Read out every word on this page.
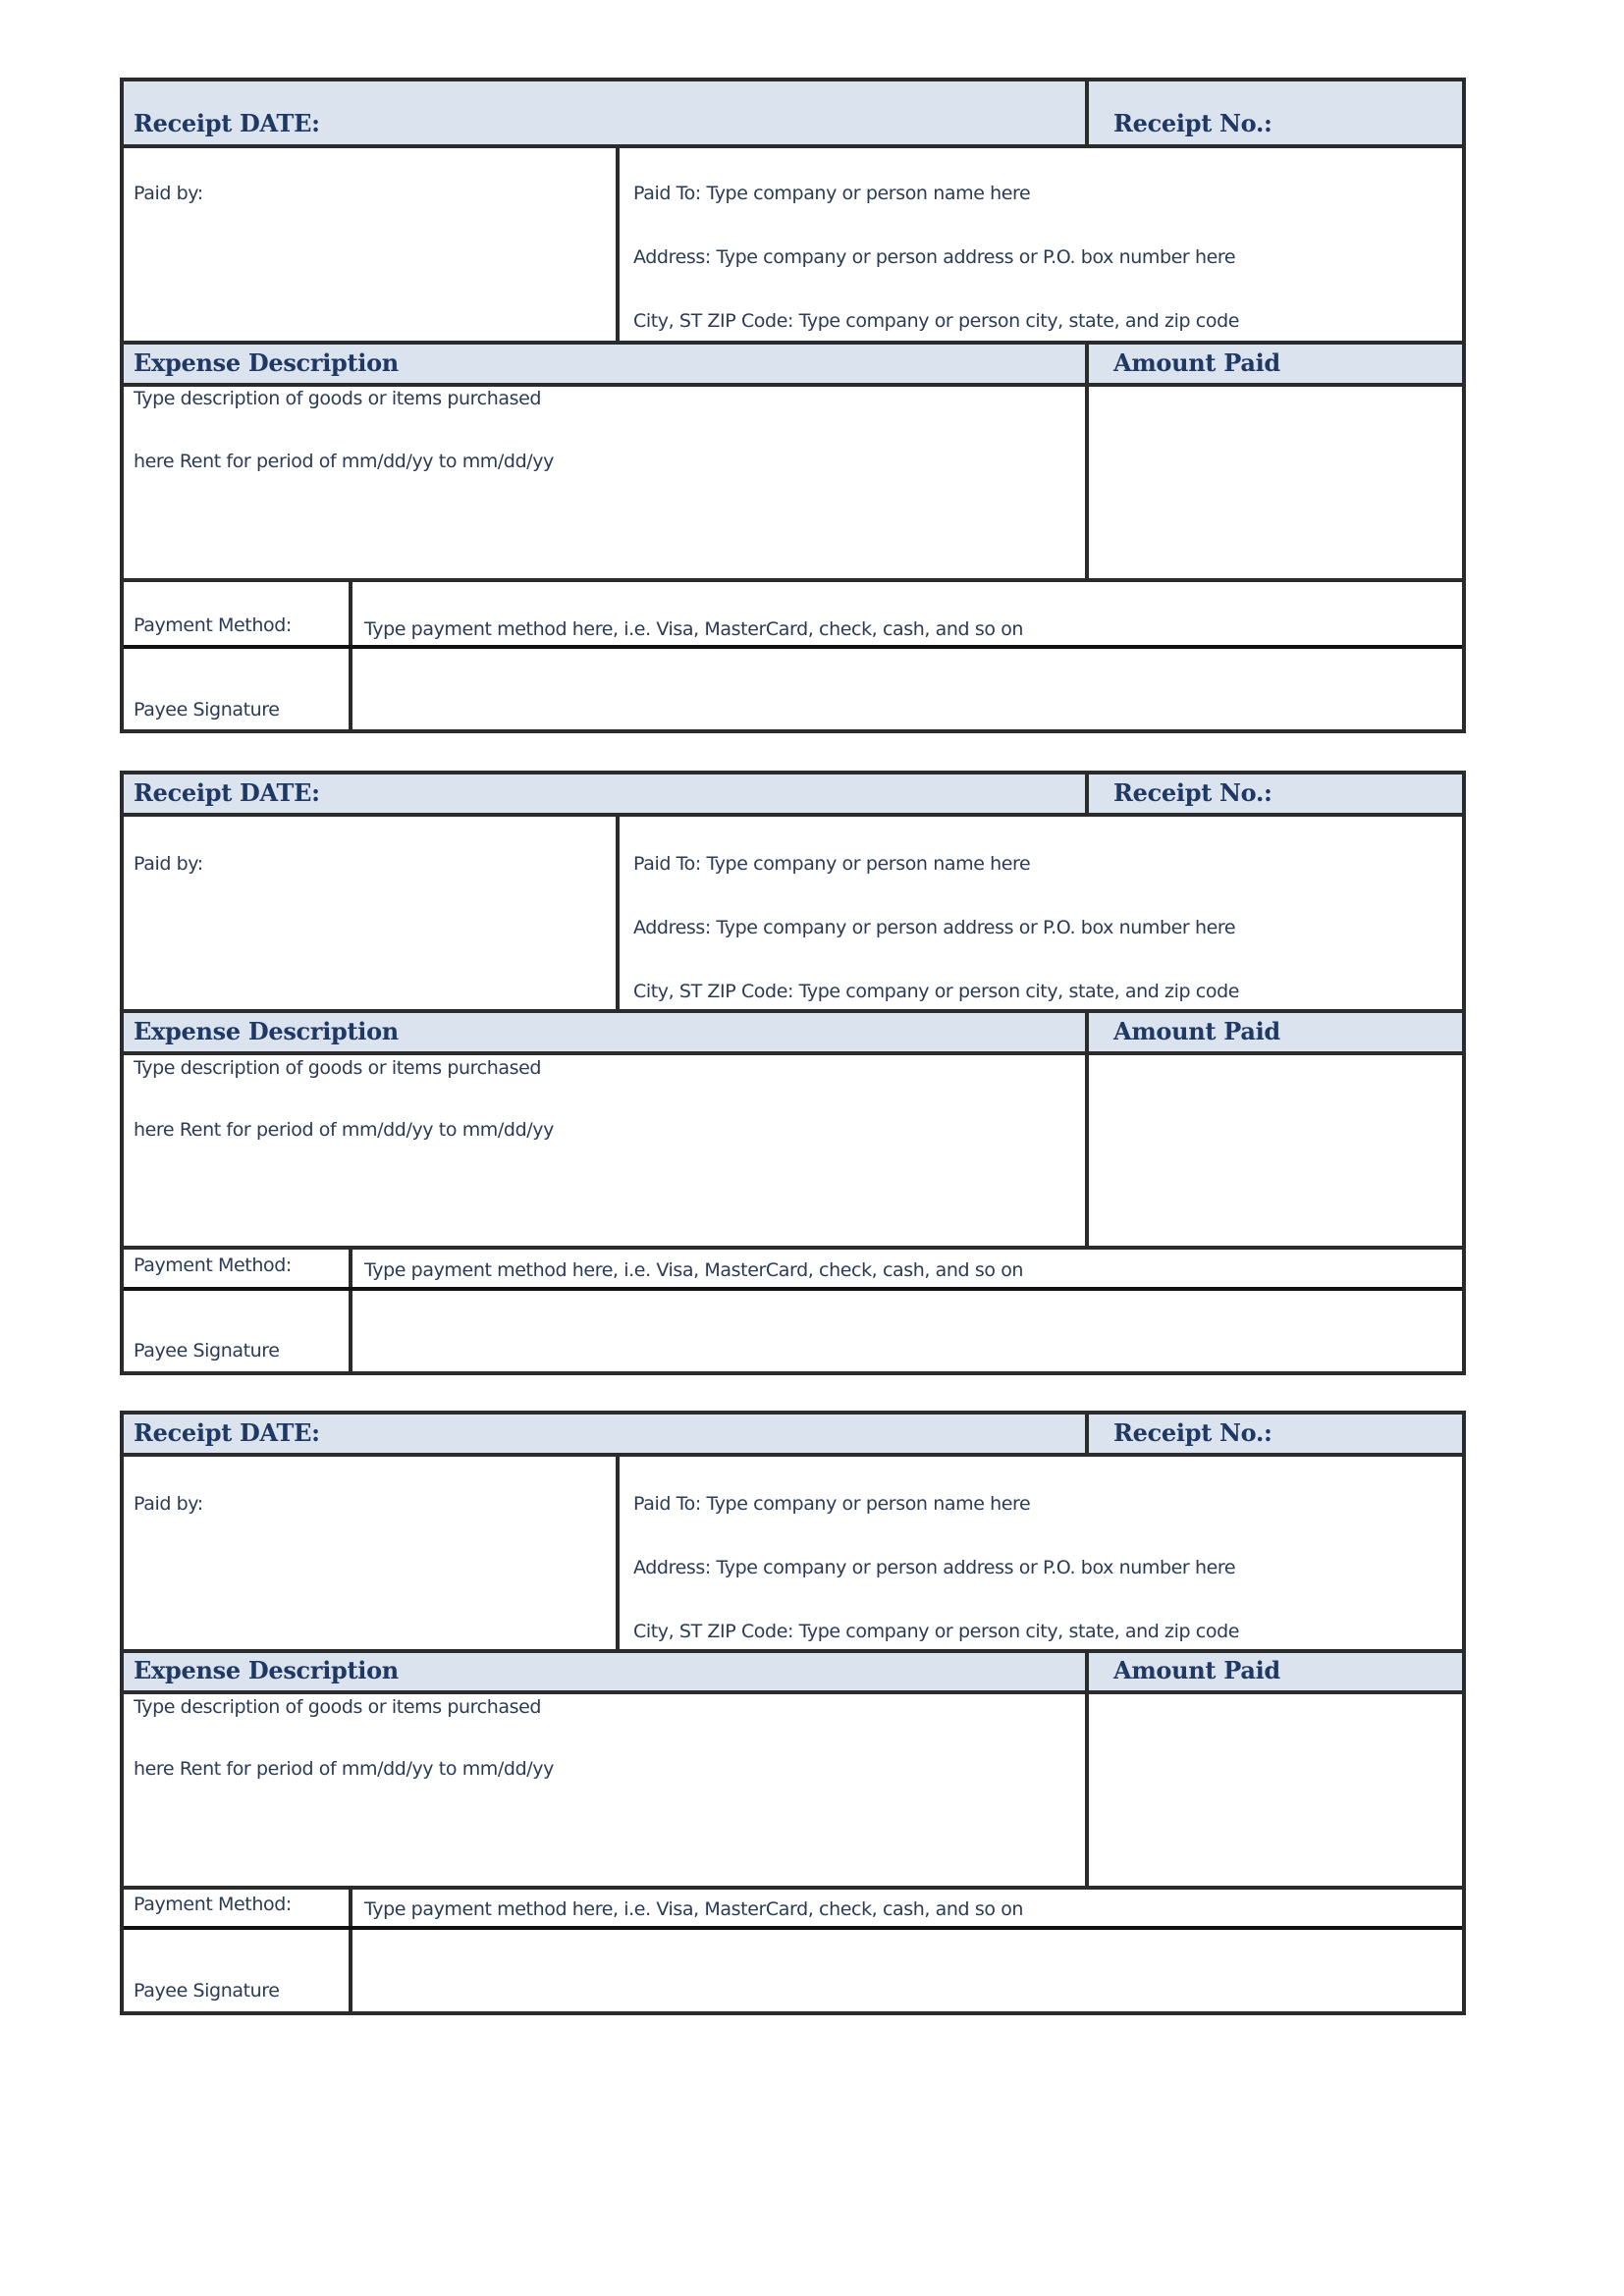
Receipt DATE:	Receipt No.:
Paid by:	Paid To: Type company or person name here
Address: Type company or person address or P.O. box number here
City, ST ZIP Code: Type company or person city, state, and zip code
Expense Description	Amount Paid
Type description of goods or items purchased
here Rent for period of mm/dd/yy to mm/dd/yy
Payment Method:	Type payment method here, i.e. Visa, MasterCard, check, cash, and so on
Payee Signature
Receipt DATE:	Receipt No.:
Paid by:	Paid To: Type company or person name here
Address: Type company or person address or P.O. box number here
City, ST ZIP Code: Type company or person city, state, and zip code
Expense Description	Amount Paid
Type description of goods or items purchased
here Rent for period of mm/dd/yy to mm/dd/yy
Payment Method:	Type payment method here, i.e. Visa, MasterCard, check, cash, and so on
Payee Signature
Receipt DATE:	Receipt No.:
Paid by:	Paid To: Type company or person name here
Address: Type company or person address or P.O. box number here
City, ST ZIP Code: Type company or person city, state, and zip code
Expense Description	Amount Paid
Type description of goods or items purchased
here Rent for period of mm/dd/yy to mm/dd/yy
Payment Method:	Type payment method here, i.e. Visa, MasterCard, check, cash, and so on
Payee Signature
